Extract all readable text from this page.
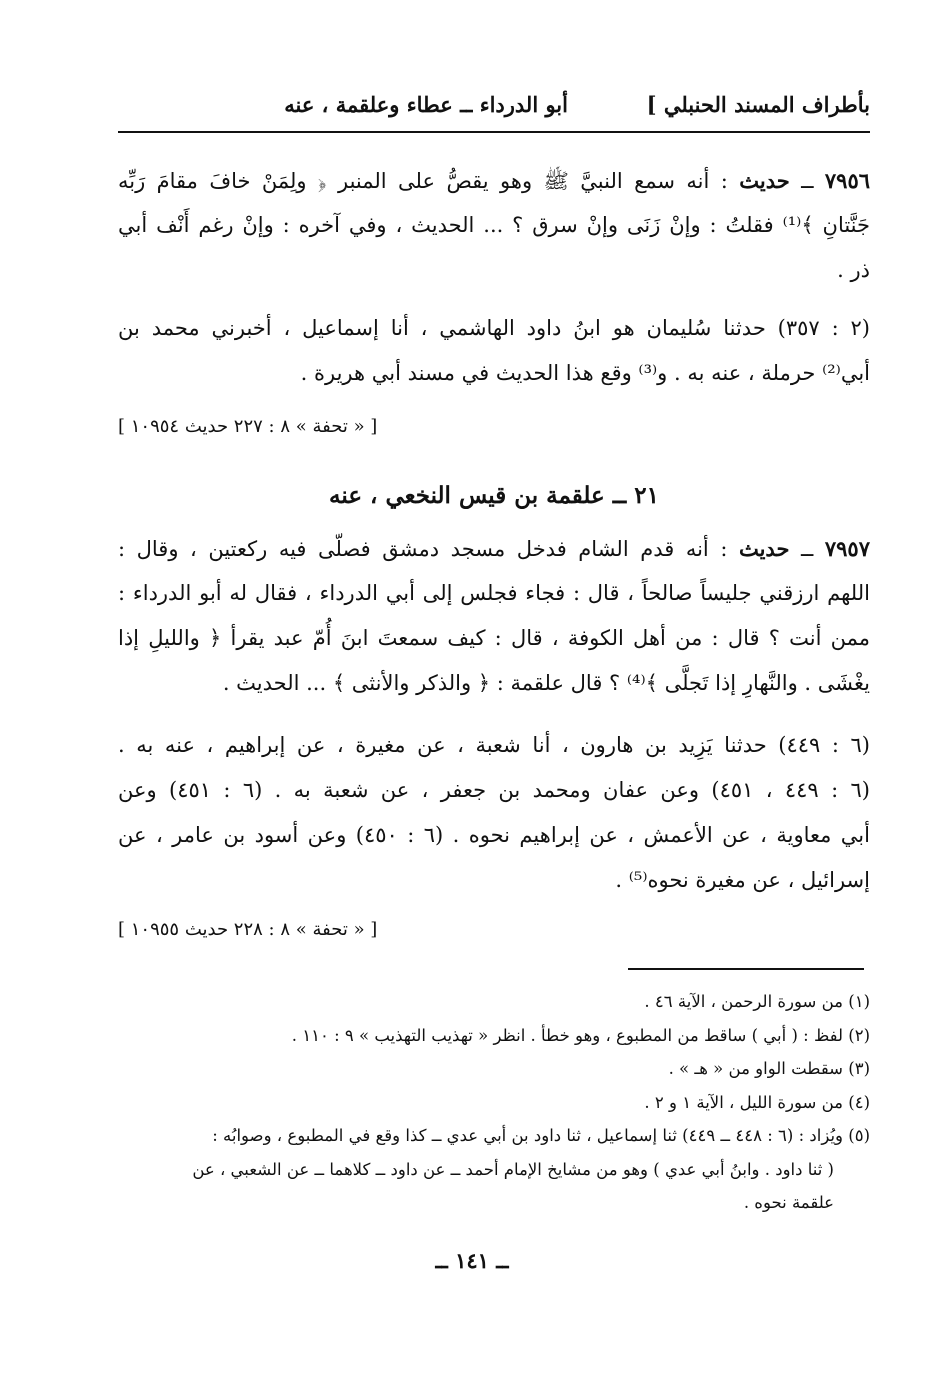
بأطراف المسند الحنبلي ]
أبو الدرداء ــ عطاء وعلقمة ، عنه
٧٩٥٦ ــ حديث : أنه سمع النبيَّ ﷺ وهو يقصُّ على المنبر ﴿ ولِمَنْ خافَ مقامَ رَبِّه
جَنَّتانِ ﴾⁽¹⁾ فقلتُ : وإنْ زَنَى وإنْ سرق ؟ ... الحديث ، وفي آخره : وإنْ رغم أَنْف أبي
ذر .
(٢ : ٣٥٧) حدثنا سُليمان هو ابنُ داود الهاشمي ، أنا إسماعيل ، أخبرني محمد بن
أبي⁽²⁾ حرملة ، عنه به . و⁽³⁾ وقع هذا الحديث في مسند أبي هريرة .
[ « تحفة » ٨ : ٢٢٧ حديث ١٠٩٥٤ ]
٢١ ــ علقمة بن قيس النخعي ، عنه
٧٩٥٧ ــ حديث : أنه قدم الشام فدخل مسجد دمشق فصلّى فيه ركعتين ، وقال :
اللهم ارزقني جليساً صالحاً ، قال : فجاء فجلس إلى أبي الدرداء ، فقال له أبو الدرداء :
ممن أنت ؟ قال : من أهل الكوفة ، قال : كيف سمعتَ ابنَ أُمّ عبد يقرأ ﴿ والليلِ إذا
يغْشَى . والنَّهارِ إذا تَجلَّى ﴾⁽⁴⁾ ؟ قال علقمة : ﴿ والذكر والأنثى ﴾ ... الحديث .
(٦ : ٤٤٩) حدثنا يَزِيد بن هارون ، أنا شعبة ، عن مغيرة ، عن إبراهيم ، عنه به .
(٦ : ٤٤٩ ، ٤٥١) وعن عفان ومحمد بن جعفر ، عن شعبة به . (٦ : ٤٥١) وعن
أبي معاوية ، عن الأعمش ، عن إبراهيم نحوه . (٦ : ٤٥٠) وعن أسود بن عامر ، عن
إسرائيل ، عن مغيرة نحوه⁽⁵⁾ .
[ « تحفة » ٨ : ٢٢٨ حديث ١٠٩٥٥ ]
(١) من سورة الرحمن ، الآية ٤٦ .
(٢) لفظ : ( أبي ) ساقط من المطبوع ، وهو خطأ . انظر « تهذيب التهذيب » ٩ : ١١٠ .
(٣) سقطت الواو من « هـ » .
(٤) من سورة الليل ، الآية ١ و ٢ .
(٥) ويُزاد : (٦ : ٤٤٨ ــ ٤٤٩) ثنا إسماعيل ، ثنا داود بن أبي عدي ــ كذا وقع في المطبوع ، وصوابُه :
( ثنا داود . وابنُ أبي عدي ) وهو من مشايخ الإمام أحمد ــ عن داود ــ كلاهما ــ عن الشعبي ، عن
علقمة نحوه .
ــ ١٤١ ــ
